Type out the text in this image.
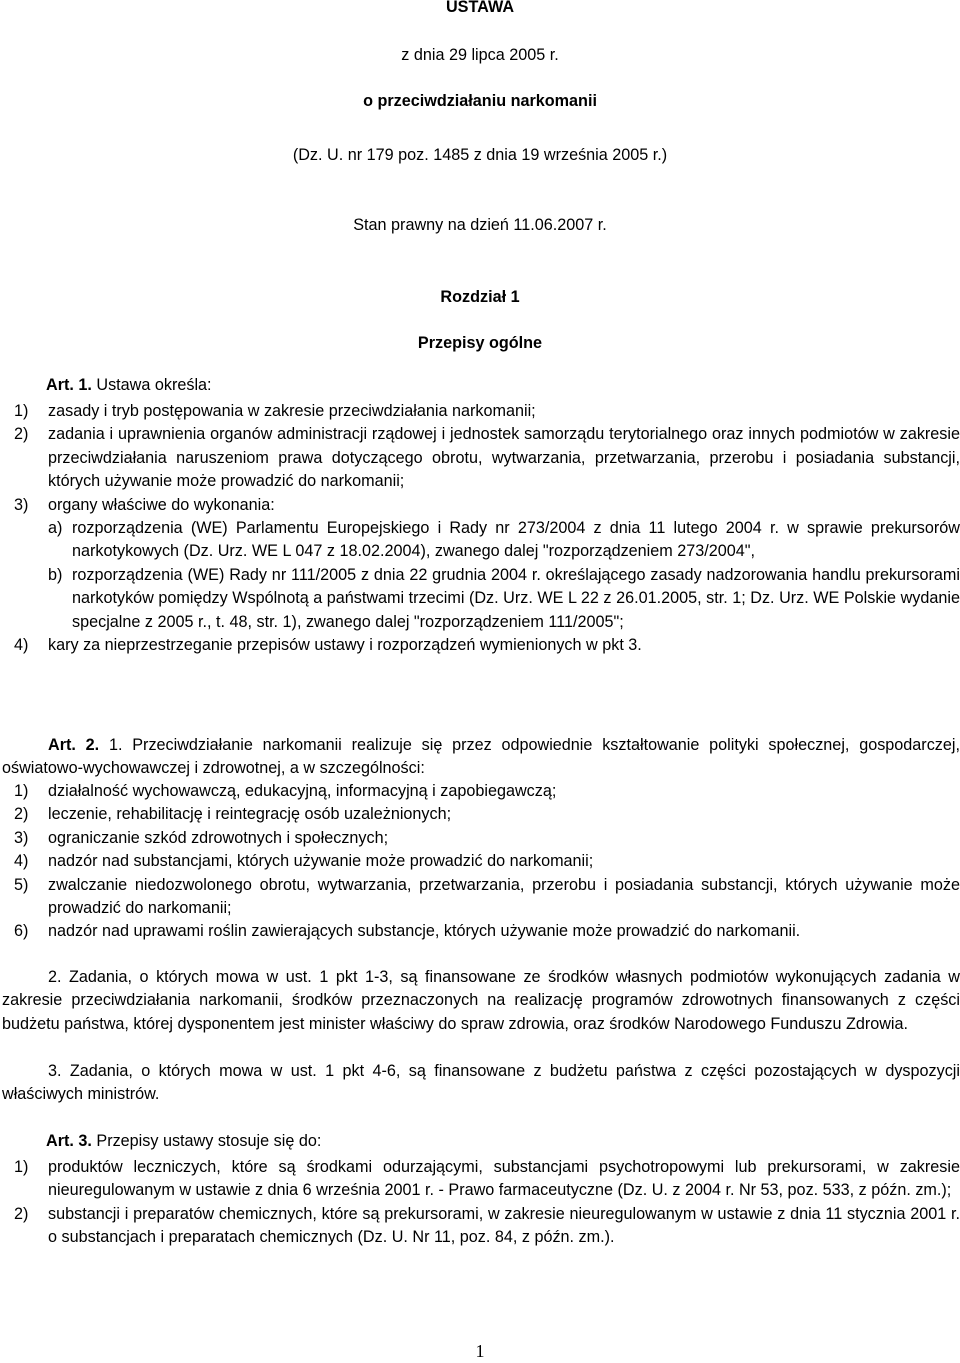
USTAWA
z dnia 29 lipca 2005 r.
o przeciwdziałaniu narkomanii
(Dz. U. nr 179 poz. 1485 z dnia 19 września 2005 r.)
Stan prawny na dzień 11.06.2007 r.
Rozdział 1
Przepisy ogólne
Art. 1. Ustawa określa:
1)	zasady i tryb postępowania w zakresie przeciwdziałania narkomanii;
2)	zadania i uprawnienia organów administracji rządowej i jednostek samorządu terytorialnego oraz innych podmiotów w zakresie przeciwdziałania naruszeniom prawa dotyczącego obrotu, wytwarzania, przetwarzania, przerobu i posiadania substancji, których używanie może prowadzić do narkomanii;
3)	organy właściwe do wykonania:
a) rozporządzenia (WE) Parlamentu Europejskiego i Rady nr 273/2004 z dnia 11 lutego 2004 r. w sprawie prekursorów narkotykowych (Dz. Urz. WE L 047 z 18.02.2004), zwanego dalej "rozporządzeniem 273/2004",
b) rozporządzenia (WE) Rady nr 111/2005 z dnia 22 grudnia 2004 r. określającego zasady nadzorowania handlu prekursorami narkotyków pomiędzy Wspólnotą a państwami trzecimi (Dz. Urz. WE L 22 z 26.01.2005, str. 1; Dz. Urz. WE Polskie wydanie specjalne z 2005 r., t. 48, str. 1), zwanego dalej "rozporządzeniem 111/2005";
4)	kary za nieprzestrzeganie przepisów ustawy i rozporządzeń wymienionych w pkt 3.
Art. 2. 1. Przeciwdziałanie narkomanii realizuje się przez odpowiednie kształtowanie polityki społecznej, gospodarczej, oświatowo-wychowawczej i zdrowotnej, a w szczególności:
1)	działalność wychowawczą, edukacyjną, informacyjną i zapobiegawczą;
2)	leczenie, rehabilitację i reintegrację osób uzależnionych;
3)	ograniczanie szkód zdrowotnych i społecznych;
4)	nadzór nad substancjami, których używanie może prowadzić do narkomanii;
5)	zwalczanie niedozwolonego obrotu, wytwarzania, przetwarzania, przerobu i posiadania substancji, których używanie może prowadzić do narkomanii;
6)	nadzór nad uprawami roślin zawierających substancje, których używanie może prowadzić do narkomanii.
2. Zadania, o których mowa w ust. 1 pkt 1-3, są finansowane ze środków własnych podmiotów wykonujących zadania w zakresie przeciwdziałania narkomanii, środków przeznaczonych na realizację programów zdrowotnych finansowanych z części budżetu państwa, której dysponentem jest minister właściwy do spraw zdrowia, oraz środków Narodowego Funduszu Zdrowia.
3. Zadania, o których mowa w ust. 1 pkt 4-6, są finansowane z budżetu państwa z części pozostających w dyspozycji właściwych ministrów.
Art. 3. Przepisy ustawy stosuje się do:
1)	produktów leczniczych, które są środkami odurzającymi, substancjami psychotropowymi lub prekursorami, w zakresie nieuregulowanym w ustawie z dnia 6 września 2001 r. - Prawo farmaceutyczne (Dz. U. z 2004 r. Nr 53, poz. 533, z późn. zm.);
2)	substancji i preparatów chemicznych, które są prekursorami, w zakresie nieuregulowanym w ustawie z dnia 11 stycznia 2001 r. o substancjach i preparatach chemicznych (Dz. U. Nr 11, poz. 84, z późn. zm.).
1
